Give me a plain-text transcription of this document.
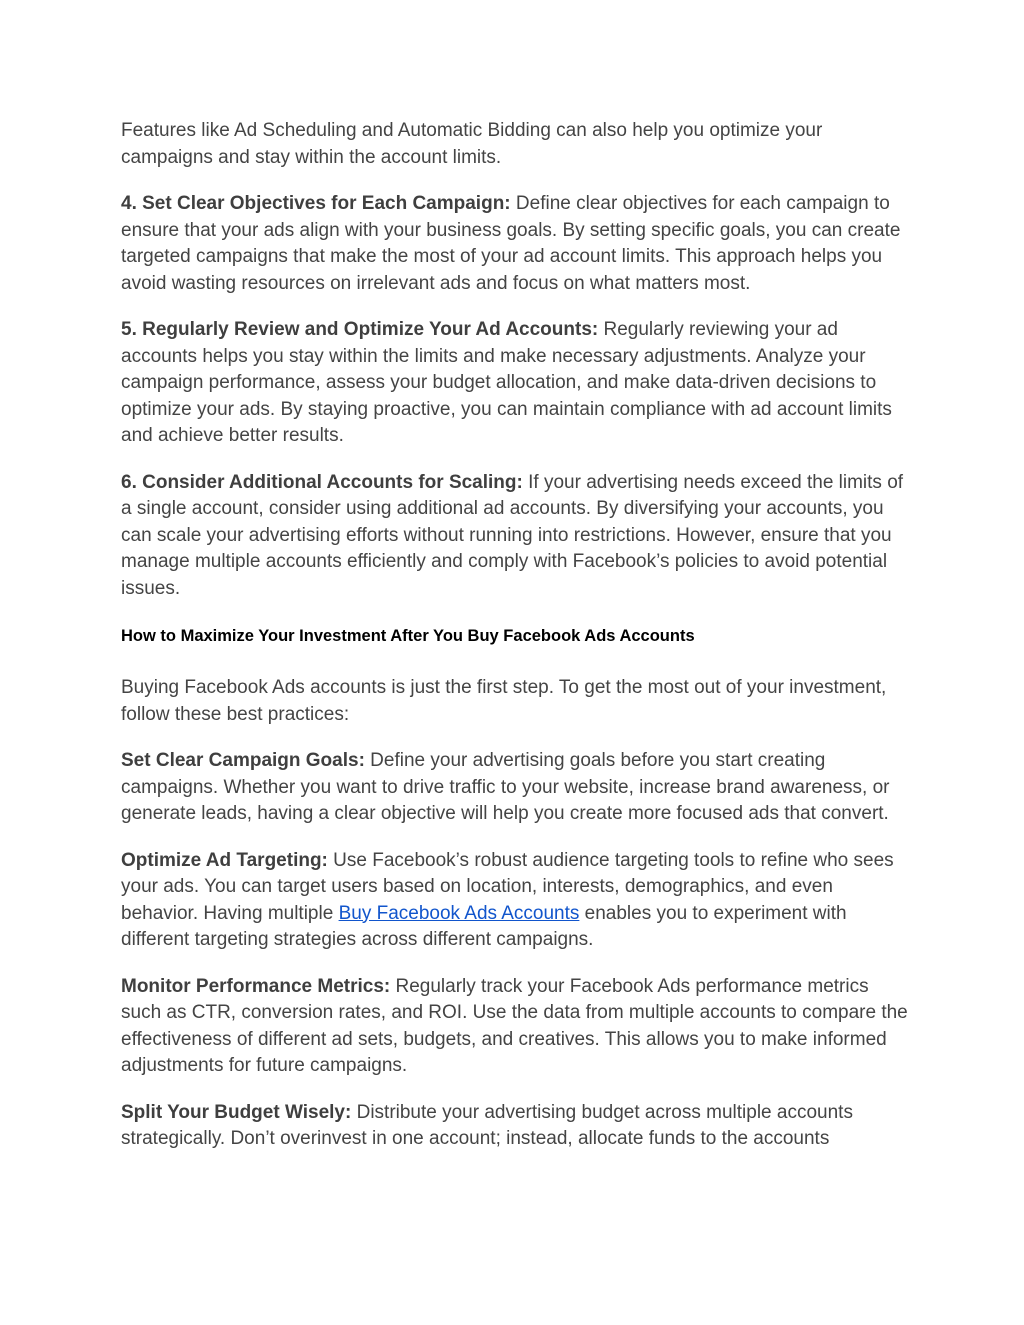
Features like Ad Scheduling and Automatic Bidding can also help you optimize your campaigns and stay within the account limits.

4. Set Clear Objectives for Each Campaign: Define clear objectives for each campaign to ensure that your ads align with your business goals. By setting specific goals, you can create targeted campaigns that make the most of your ad account limits. This approach helps you avoid wasting resources on irrelevant ads and focus on what matters most.

5. Regularly Review and Optimize Your Ad Accounts: Regularly reviewing your ad accounts helps you stay within the limits and make necessary adjustments. Analyze your campaign performance, assess your budget allocation, and make data-driven decisions to optimize your ads. By staying proactive, you can maintain compliance with ad account limits and achieve better results.

6. Consider Additional Accounts for Scaling: If your advertising needs exceed the limits of a single account, consider using additional ad accounts. By diversifying your accounts, you can scale your advertising efforts without running into restrictions. However, ensure that you manage multiple accounts efficiently and comply with Facebook’s policies to avoid potential issues.

How to Maximize Your Investment After You Buy Facebook Ads Accounts

Buying Facebook Ads accounts is just the first step. To get the most out of your investment, follow these best practices:

Set Clear Campaign Goals: Define your advertising goals before you start creating campaigns. Whether you want to drive traffic to your website, increase brand awareness, or generate leads, having a clear objective will help you create more focused ads that convert.

Optimize Ad Targeting: Use Facebook’s robust audience targeting tools to refine who sees your ads. You can target users based on location, interests, demographics, and even behavior. Having multiple Buy Facebook Ads Accounts enables you to experiment with different targeting strategies across different campaigns.

Monitor Performance Metrics: Regularly track your Facebook Ads performance metrics such as CTR, conversion rates, and ROI. Use the data from multiple accounts to compare the effectiveness of different ad sets, budgets, and creatives. This allows you to make informed adjustments for future campaigns.

Split Your Budget Wisely: Distribute your advertising budget across multiple accounts strategically. Don’t overinvest in one account; instead, allocate funds to the accounts
